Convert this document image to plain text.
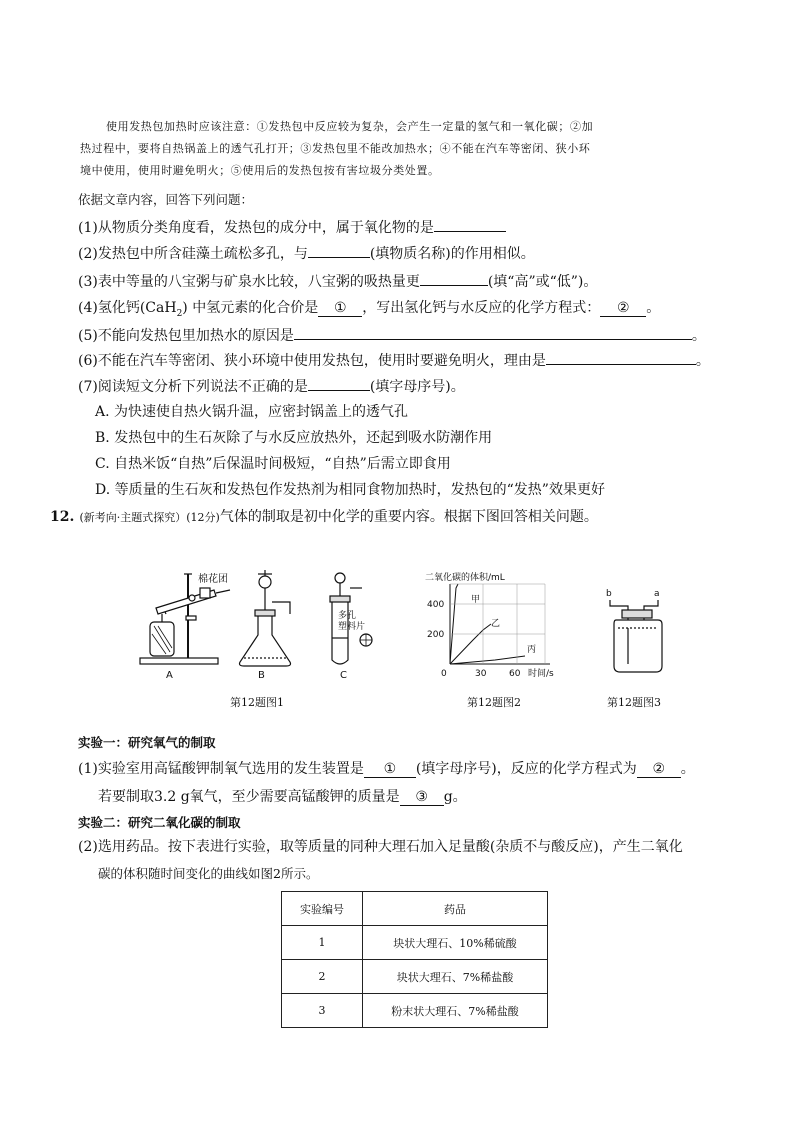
使用发热包加热时应该注意：①发热包中反应较为复杂，会产生一定量的氢气和一氧化碳；②加
热过程中，要将自热锅盖上的透气孔打开；③发热包里不能改加热水；④不能在汽车等密闭、狭小环
境中使用，使用时避免明火；⑤使用后的发热包按有害垃圾分类处置。
依据文章内容，回答下列问题：
(1)从物质分类角度看，发热包的成分中，属于氧化物的是
(2)发热包中所含硅藻土疏松多孔，与	(填物质名称)的作用相似。
(3)表中等量的八宝粥与矿泉水比较，八宝粥的吸热量更	(填“高”或“低”)。
(4)氢化钙(CaH$_2$) 中氢元素的化合价是 ① ，写出氢化钙与水反应的化学方程式： ② 。
(5)不能向发热包里加热水的原因是	。
(6)不能在汽车等密闭、狭小环境中使用发热包，使用时要避免明火，理由是	。
(7)阅读短文分析下列说法不正确的是	(填字母序号)。
A. 为快速使自热火锅升温，应密封锅盖上的透气孔
B. 发热包中的生石灰除了与水反应放热外，还起到吸水防潮作用
C. 自热米饭“自热”后保温时间极短，“自热”后需立即食用
D. 等质量的生石灰和发热包作发热剂为相同食物加热时，发热包的“发热”效果更好
12. (新考向·主题式探究）(12分)气体的制取是初中化学的重要内容。根据下图回答相关问题。
棉花团
A	B
多孔
塑料片
C
第12题图1
二氧化碳的体积/mL
400
200
0	30	60 时间/s
甲
乙
丙
第12题图2
b	a
第12题图3
实验一：研究氧气的制取
(1)实验室用高锰酸钾制氧气选用的发生装置是 ① (填字母序号)，反应的化学方程式为 ② 。
若要制取3.2 g氧气，至少需要高锰酸钾的质量是 ③ g。
实验二：研究二氧化碳的制取
(2)选用药品。按下表进行实验，取等质量的同种大理石加入足量酸(杂质不与酸反应)，产生二氧化
碳的体积随时间变化的曲线如图2所示。
实验编号	药品
1	块状大理石、10%稀硫酸
2	块状大理石、7%稀盐酸
3	粉末状大理石、7%稀盐酸
